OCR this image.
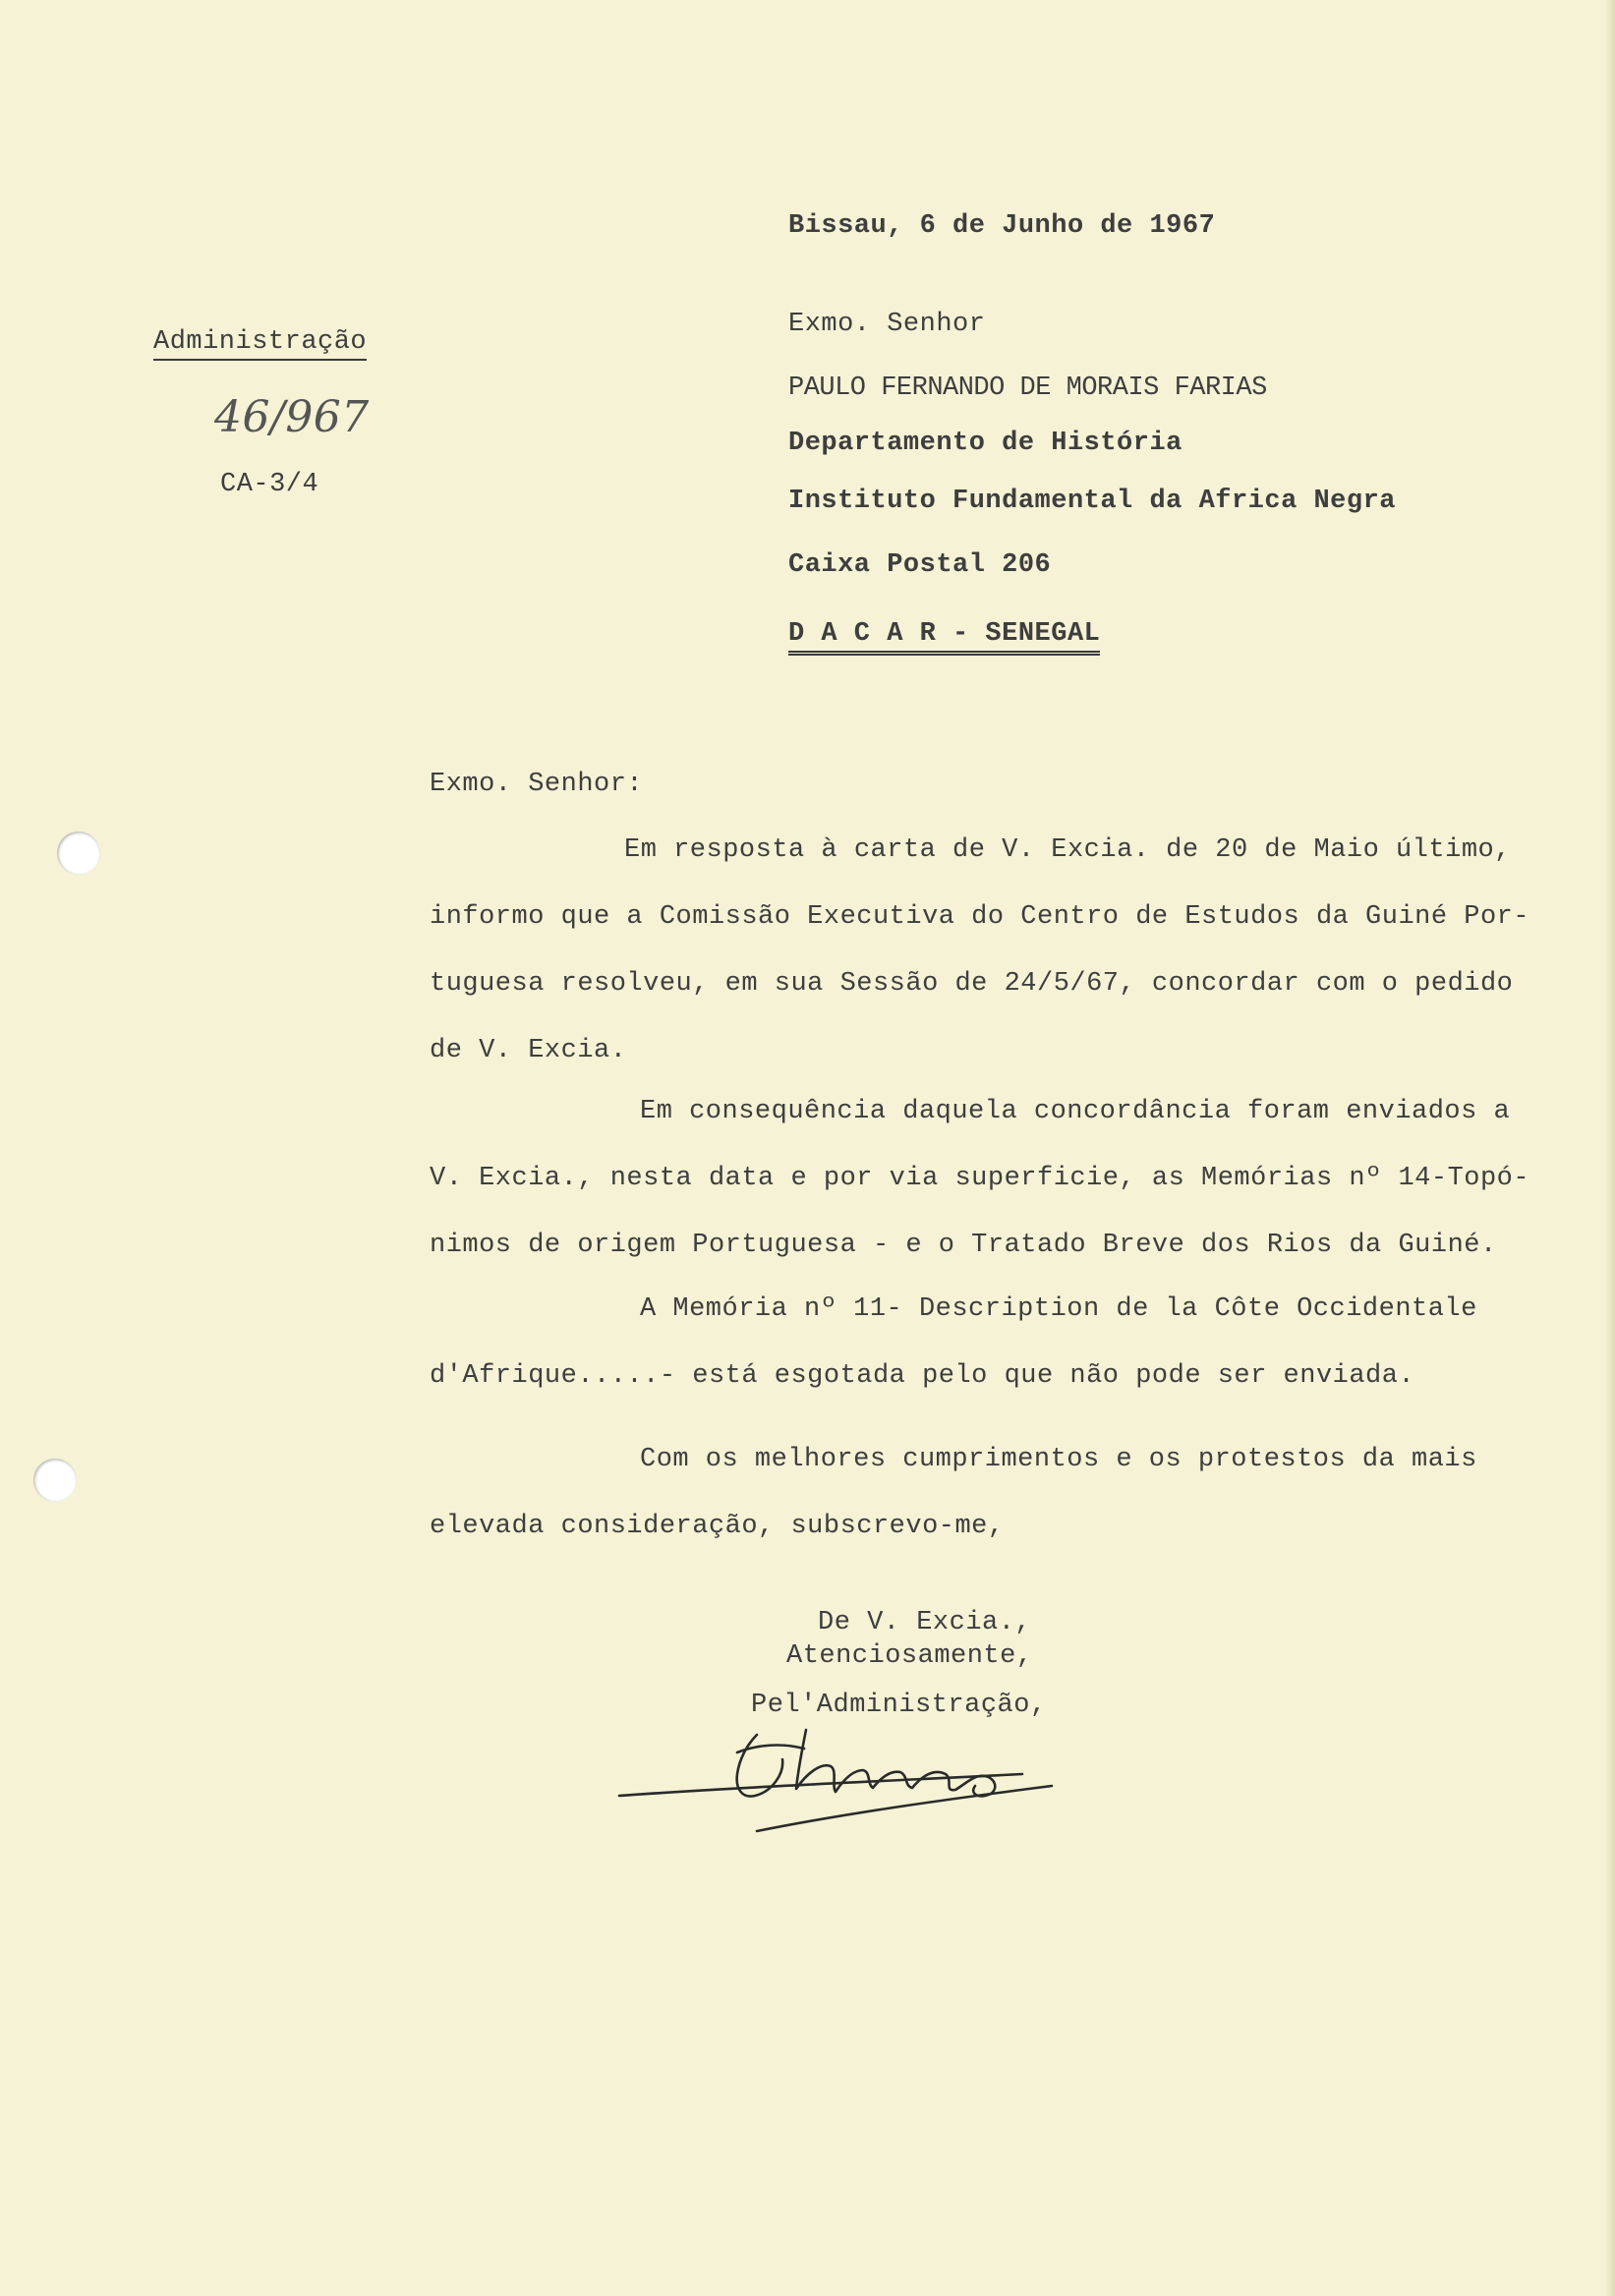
Bissau, 6 de Junho de 1967
Administração
46/967
CA-3/4
Exmo. Senhor
PAULO FERNANDO DE MORAIS FARIAS
Departamento de História
Instituto Fundamental da Africa Negra
Caixa Postal 206
D A C A R - SENEGAL
Exmo. Senhor:
Em resposta à carta de V. Excia. de 20 de Maio último,
informo que a Comissão Executiva do Centro de Estudos da Guiné Por-
tuguesa resolveu, em sua Sessão de 24/5/67, concordar com o pedido
de V. Excia.
Em consequência daquela concordância foram enviados a
V. Excia., nesta data e por via superficie, as Memórias nº 14-Topó-
nimos de origem Portuguesa - e o Tratado Breve dos Rios da Guiné.
A Memória nº 11- Description de la Côte Occidentale
d'Afrique.....- está esgotada pelo que não pode ser enviada.
Com os melhores cumprimentos e os protestos da mais
elevada consideração, subscrevo-me,
De V. Excia.,
Atenciosamente,
Pel'Administração,
